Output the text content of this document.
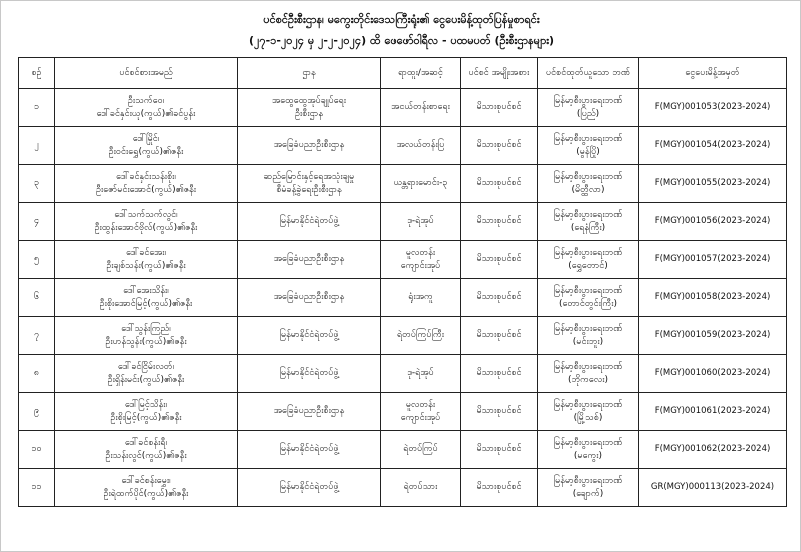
ပင်စင်ဦးစီးဌာန၊ မကွေးတိုင်းဒေသကြီးရုံး၏ ငွေပေးမိန့်ထုတ်ပြန်မှုစာရင်း
(၂၇-၁-၂၀၂၄ မှ ၂-၂-၂၀၂၄) ထိ ဖေဖော်ဝါရီလ - ပထမပတ် (ဦးစီးဌာနများ)
စဉ်	ပင်စင်စားအမည်	ဌာန	ရာထူး/အဆင့်	ပင်စင် အမျိုးအစား	ပင်စင်ထုတ်ယူသော ဘဏ်	ငွေပေးမိန့်အမှတ်
၁	ဦးသက်ဝေ၊
ဒေါ်ခင်နှင်းယု(ကွယ်)၏ခင်ပွန်း	အထွေထွေအုပ်ချုပ်ရေး
ဦးစီးဌာန	အငယ်တန်းစာရေး	မိသားစုပင်စင်	မြန်မာ့စီးပွားရေးဘဏ်
(ပြည်)	F(MGY)001053(2023-2024)
၂	ဒေါ်မြိုင်၊
ဦးဝင်းရွှေ(ကွယ်)၏ဇနီး	အခြေခံပညာဦးစီးဌာန	အလယ်တန်းပြ	မိသားစုပင်စင်	မြန်မာ့စီးပွားရေးဘဏ်
(မွန်ပြို)	F(MGY)001054(2023-2024)
၃	ဒေါ်ခင်နှင်းသန်းစိုး၊
ဦးဇော်မင်းအောင်(ကွယ်)၏ဇနီး	ဆည်မြောင်းနှင့်ရေအသုံးချမှု
စီမံခန့်ခွဲရေးဦးစီးဌာန	ယန္တရားမောင်း-၃	မိသားစုပင်စင်	မြန်မာ့စီးပွားရေးဘဏ်
(မိတ္ထီလာ)	F(MGY)001055(2023-2024)
၄	ဒေါ်သက်သက်လွင်၊
ဦးထွန်းအောင်ဗိုလ်(ကွယ်)၏ဇနီး	မြန်မာနိုင်ငံရဲတပ်ဖွဲ့	ဒု-ရဲအုပ်	မိသားစုပင်စင်	မြန်မာ့စီးပွားရေးဘဏ်
(ရေနံကြီး)	F(MGY)001056(2023-2024)
၅	ဒေါ်ခင်အေး၊
ဦးချစ်သန်း(ကွယ်)၏ဇနီး	အခြေခံပညာဦးစီးဌာန	မူလတန်း
ကျောင်းအုပ်	မိသားစုပင်စင်	မြန်မာ့စီးပွားရေးဘဏ်
(ရွှေတောင်)	F(MGY)001057(2023-2024)
၆	ဒေါ်အေးသိန်း၊
ဦးစိုးအောင်မြင့်(ကွယ်)၏ဇနီး	အခြေခံပညာဦးစီးဌာန	ရုံးအကူ	မိသားစုပင်စင်	မြန်မာ့စီးပွားရေးဘဏ်
(တောင်တွင်းကြီး)	F(MGY)001058(2023-2024)
၇	ဒေါ်သွန်းကြည်၊
ဦးဟန်သွန်း(ကွယ်)၏ဇနီး	မြန်မာနိုင်ငံရဲတပ်ဖွဲ့	ရဲတပ်ကြပ်ကြီး	မိသားစုပင်စင်	မြန်မာ့စီးပွားရေးဘဏ်
(မင်းဘူး)	F(MGY)001059(2023-2024)
၈	ဒေါ်ခင်ငြိမ်းလတ်၊
ဦးရှိန်းမင်း(ကွယ်)၏ဇနီး	မြန်မာနိုင်ငံရဲတပ်ဖွဲ့	ဒု-ရဲအုပ်	မိသားစုပင်စင်	မြန်မာ့စီးပွားရေးဘဏ်
(ဘိုကလေး)	F(MGY)001060(2023-2024)
၉	ဒေါ်မြင့်သိန်း၊
ဦးစိုးမြင့်(ကွယ်)၏ဇနီး	အခြေခံပညာဦးစီးဌာန	မူလတန်း
ကျောင်းအုပ်	မိသားစုပင်စင်	မြန်မာ့စီးပွားရေးဘဏ်
(မြို့သစ်)	F(MGY)001061(2023-2024)
၁၀	ဒေါ်ခင်စန်းရီ၊
ဦးသန်းလွင်(ကွယ်)၏ဇနီး	မြန်မာနိုင်ငံရဲတပ်ဖွဲ့	ရဲတပ်ကြပ်	မိသားစုပင်စင်	မြန်မာ့စီးပွားရေးဘဏ်
(မကွေး)	F(MGY)001062(2023-2024)
၁၁	ဒေါ်ခင်စန်းမွှေး၊
ဦးရဲထက်ပိုင်(ကွယ်)၏ဇနီး	မြန်မာနိုင်ငံရဲတပ်ဖွဲ့	ရဲတပ်သား	မိသားစုပင်စင်	မြန်မာ့စီးပွားရေးဘဏ်
(ချောက်)	GR(MGY)000113(2023-2024)
